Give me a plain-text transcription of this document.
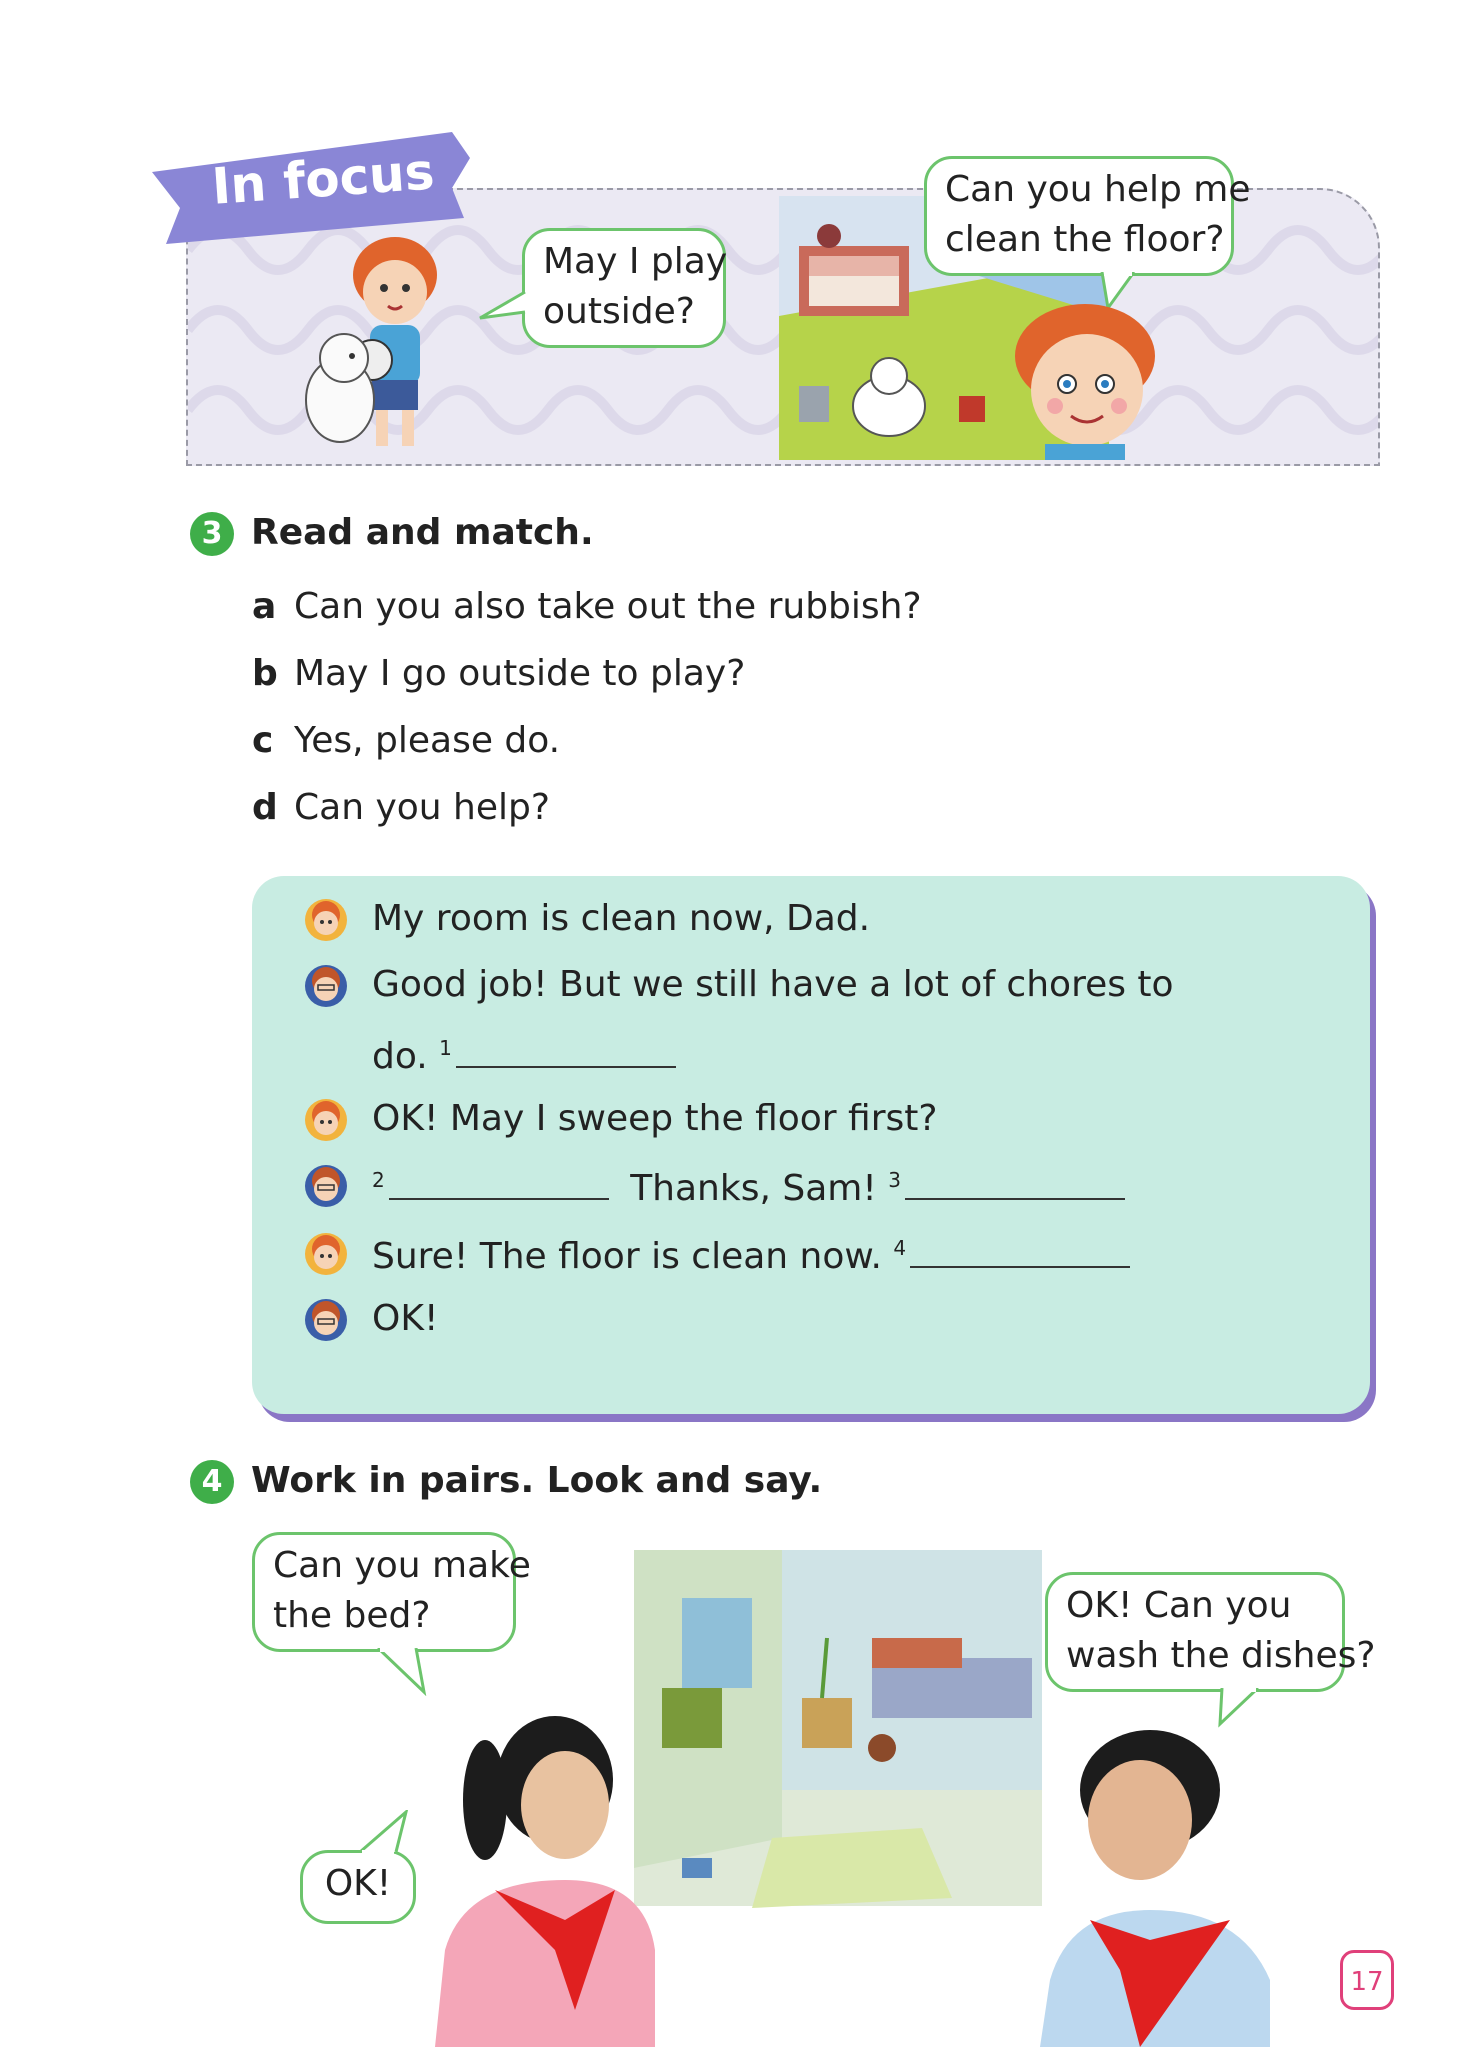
In focus
May I play
outside?
Can you help me
clean the floor?
3 Read and match.
a Can you also take out the rubbish?
b May I go outside to play?
c Yes, please do.
d Can you help?
My room is clean now, Dad.
Good job! But we still have a lot of chores to
do. $^1$
OK! May I sweep the floor first?
$^2$	Thanks, Sam! $^3$
Sure! The floor is clean now. $^4$
OK!
4 Work in pairs. Look and say.
Can you make
the bed?	OK! Can you
wash the dishes?
OK!
17
